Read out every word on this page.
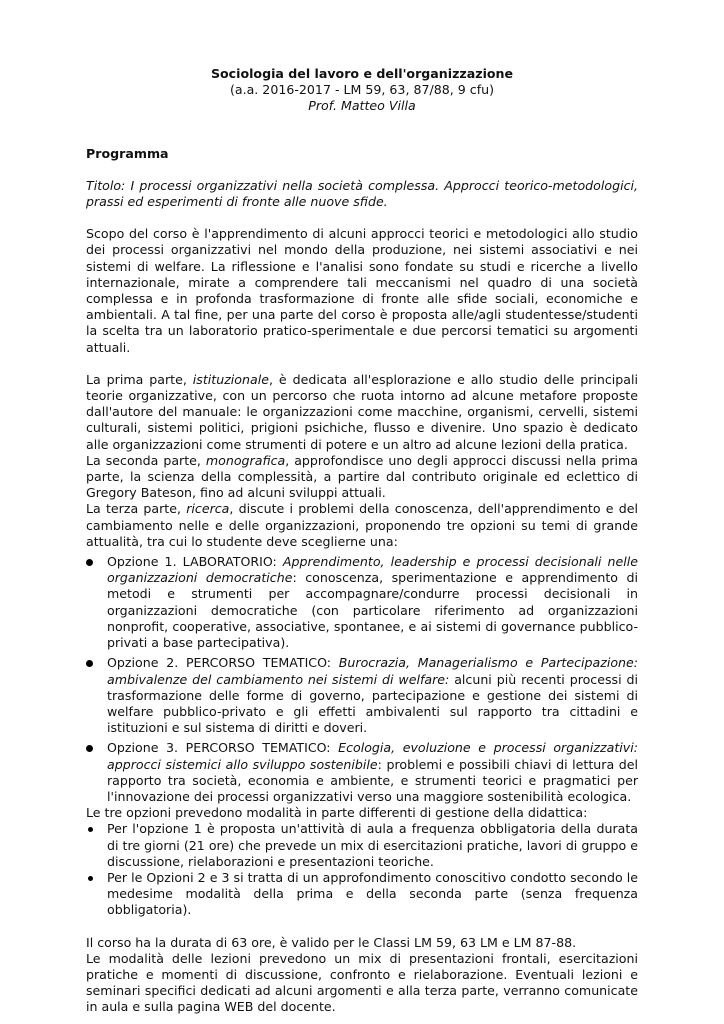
Sociologia del lavoro e dell'organizzazione

(a.a. 2016-2017 - LM 59, 63, 87/88, 9 cfu)

Prof. Matteo Villa

Programma

Titolo: I processi organizzativi nella società complessa. Approcci teorico-metodologici, prassi ed esperimenti di fronte alle nuove sfide.

Scopo del corso è l'apprendimento di alcuni approcci teorici e metodologici allo studio dei processi organizzativi nel mondo della produzione, nei sistemi associativi e nei sistemi di welfare. La riflessione e l'analisi sono fondate su studi e ricerche a livello internazionale, mirate a comprendere tali meccanismi nel quadro di una società complessa e in profonda trasformazione di fronte alle sfide sociali, economiche e ambientali. A tal fine, per una parte del corso è proposta alle/agli studentesse/studenti la scelta tra un laboratorio pratico-sperimentale e due percorsi tematici su argomenti attuali.

La prima parte, istituzionale, è dedicata all'esplorazione e allo studio delle principali teorie organizzative, con un percorso che ruota intorno ad alcune metafore proposte dall'autore del manuale: le organizzazioni come macchine, organismi, cervelli, sistemi culturali, sistemi politici, prigioni psichiche, flusso e divenire. Uno spazio è dedicato alle organizzazioni come strumenti di potere e un altro ad alcune lezioni della pratica.

La seconda parte, monografica, approfondisce uno degli approcci discussi nella prima parte, la scienza della complessità, a partire dal contributo originale ed eclettico di Gregory Bateson, fino ad alcuni sviluppi attuali.

La terza parte, ricerca, discute i problemi della conoscenza, dell'apprendimento e del cambiamento nelle e delle organizzazioni, proponendo tre opzioni su temi di grande attualità, tra cui lo studente deve sceglierne una:

Opzione 1. LABORATORIO: Apprendimento, leadership e processi decisionali nelle organizzazioni democratiche: conoscenza, sperimentazione e apprendimento di metodi e strumenti per accompagnare/condurre processi decisionali in organizzazioni democratiche (con particolare riferimento ad organizzazioni nonprofit, cooperative, associative, spontanee, e ai sistemi di governance pubblico-privati a base partecipativa).
Opzione 2. PERCORSO TEMATICO: Burocrazia, Managerialismo e Partecipazione: ambivalenze del cambiamento nei sistemi di welfare: alcuni più recenti processi di trasformazione delle forme di governo, partecipazione e gestione dei sistemi di welfare pubblico-privato e gli effetti ambivalenti sul rapporto tra cittadini e istituzioni e sul sistema di diritti e doveri.
Opzione 3. PERCORSO TEMATICO: Ecologia, evoluzione e processi organizzativi: approcci sistemici allo sviluppo sostenibile: problemi e possibili chiavi di lettura del rapporto tra società, economia e ambiente, e strumenti teorici e pragmatici per l'innovazione dei processi organizzativi verso una maggiore sostenibilità ecologica.

Le tre opzioni prevedono modalità in parte differenti di gestione della didattica:

Per l'opzione 1 è proposta un'attività di aula a frequenza obbligatoria della durata di tre giorni (21 ore) che prevede un mix di esercitazioni pratiche, lavori di gruppo e discussione, rielaborazioni e presentazioni teoriche.
Per le Opzioni 2 e 3 si tratta di un approfondimento conoscitivo condotto secondo le medesime modalità della prima e della seconda parte (senza frequenza obbligatoria).

Il corso ha la durata di 63 ore, è valido per le Classi LM 59, 63 LM e LM 87-88.

Le modalità delle lezioni prevedono un mix di presentazioni frontali, esercitazioni pratiche e momenti di discussione, confronto e rielaborazione. Eventuali lezioni e seminari specifici dedicati ad alcuni argomenti e alla terza parte, verranno comunicate in aula e sulla pagina WEB del docente.
